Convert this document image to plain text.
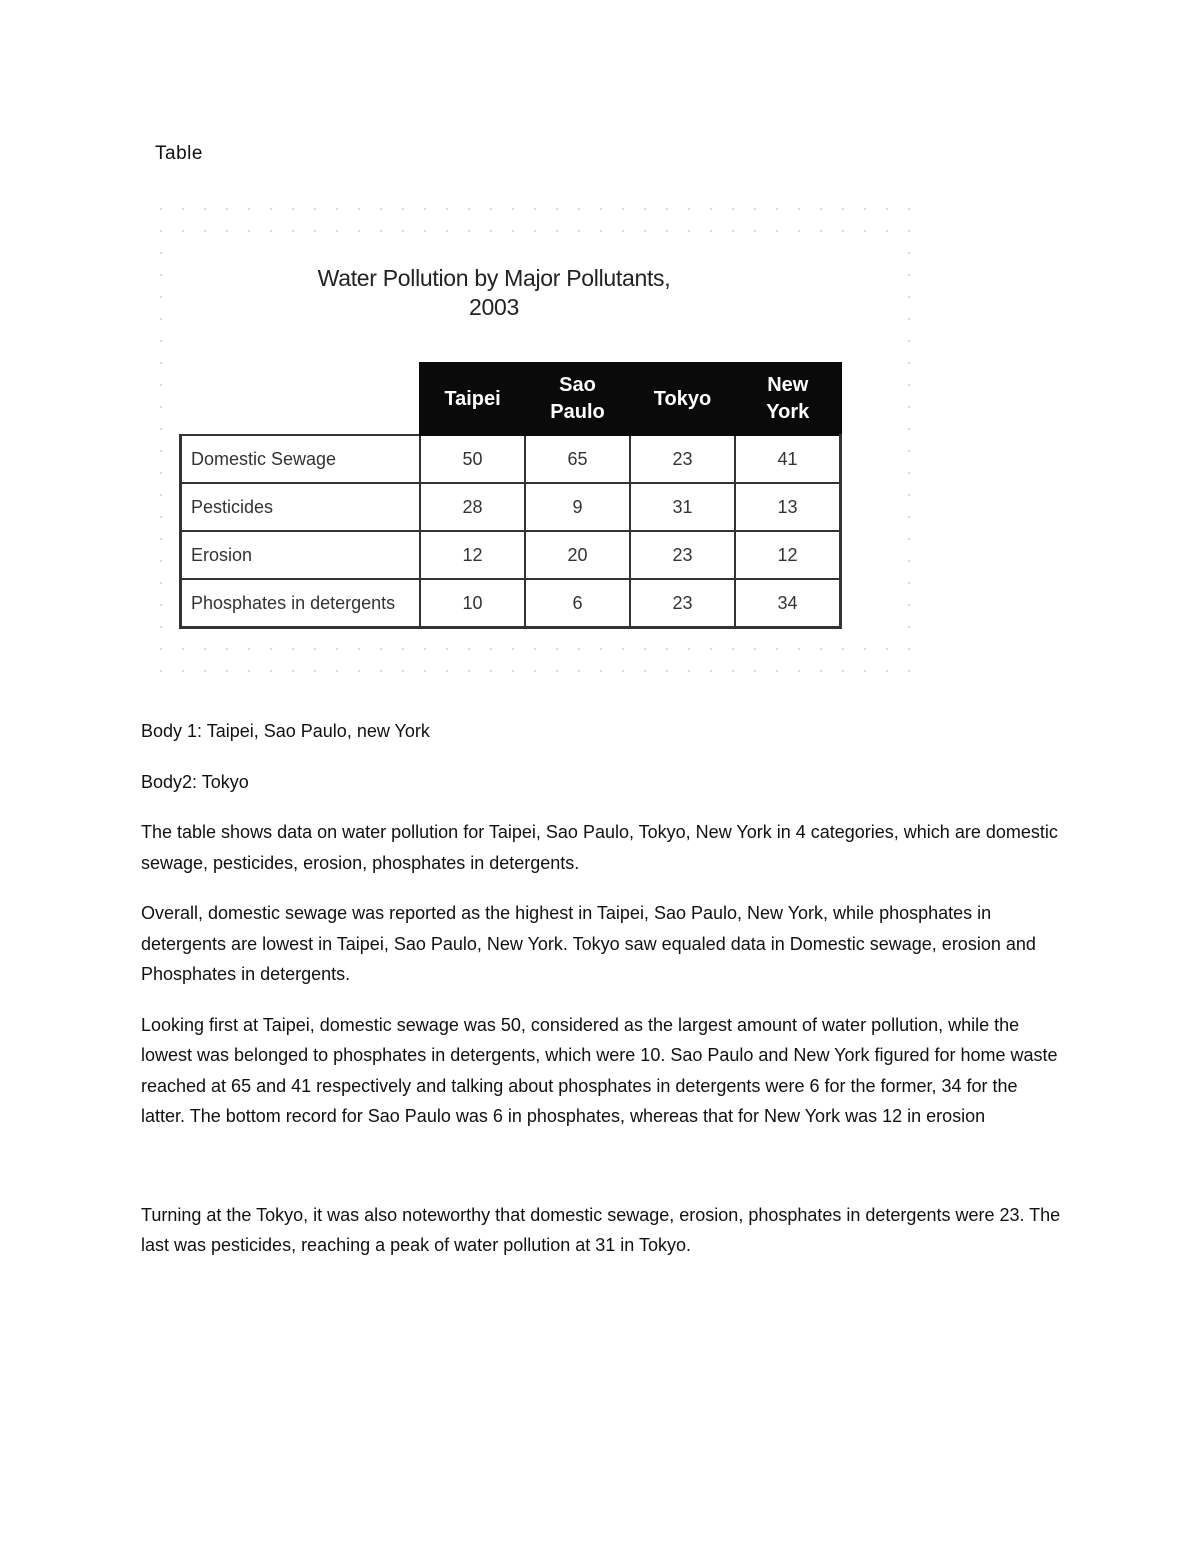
Table
Water Pollution by Major Pollutants,
2003
	Taipei	Sao Paulo	Tokyo	New York
Domestic Sewage	50	65	23	41
Pesticides	28	9	31	13
Erosion	12	20	23	12
Phosphates in detergents	10	6	23	34

Body 1: Taipei, Sao Paulo, new York

Body2: Tokyo

The table shows data on water pollution for Taipei, Sao Paulo, Tokyo, New York in 4 categories, which are domestic sewage, pesticides, erosion, phosphates in detergents.

Overall, domestic sewage was reported as the highest in Taipei, Sao Paulo, New York, while phosphates in detergents are lowest in Taipei, Sao Paulo, New York. Tokyo saw equaled data in Domestic sewage, erosion and Phosphates in detergents.

Looking first at Taipei, domestic sewage was 50, considered as the largest amount of water pollution, while the lowest was belonged to phosphates in detergents, which were 10. Sao Paulo and New York figured for home waste reached at 65 and 41 respectively and talking about phosphates in detergents were 6 for the former, 34 for the latter. The bottom record for Sao Paulo was 6 in phosphates, whereas that for New York was 12 in erosion

Turning at the Tokyo, it was also noteworthy that domestic sewage, erosion, phosphates in detergents were 23. The last was pesticides, reaching a peak of water pollution at 31 in Tokyo.
